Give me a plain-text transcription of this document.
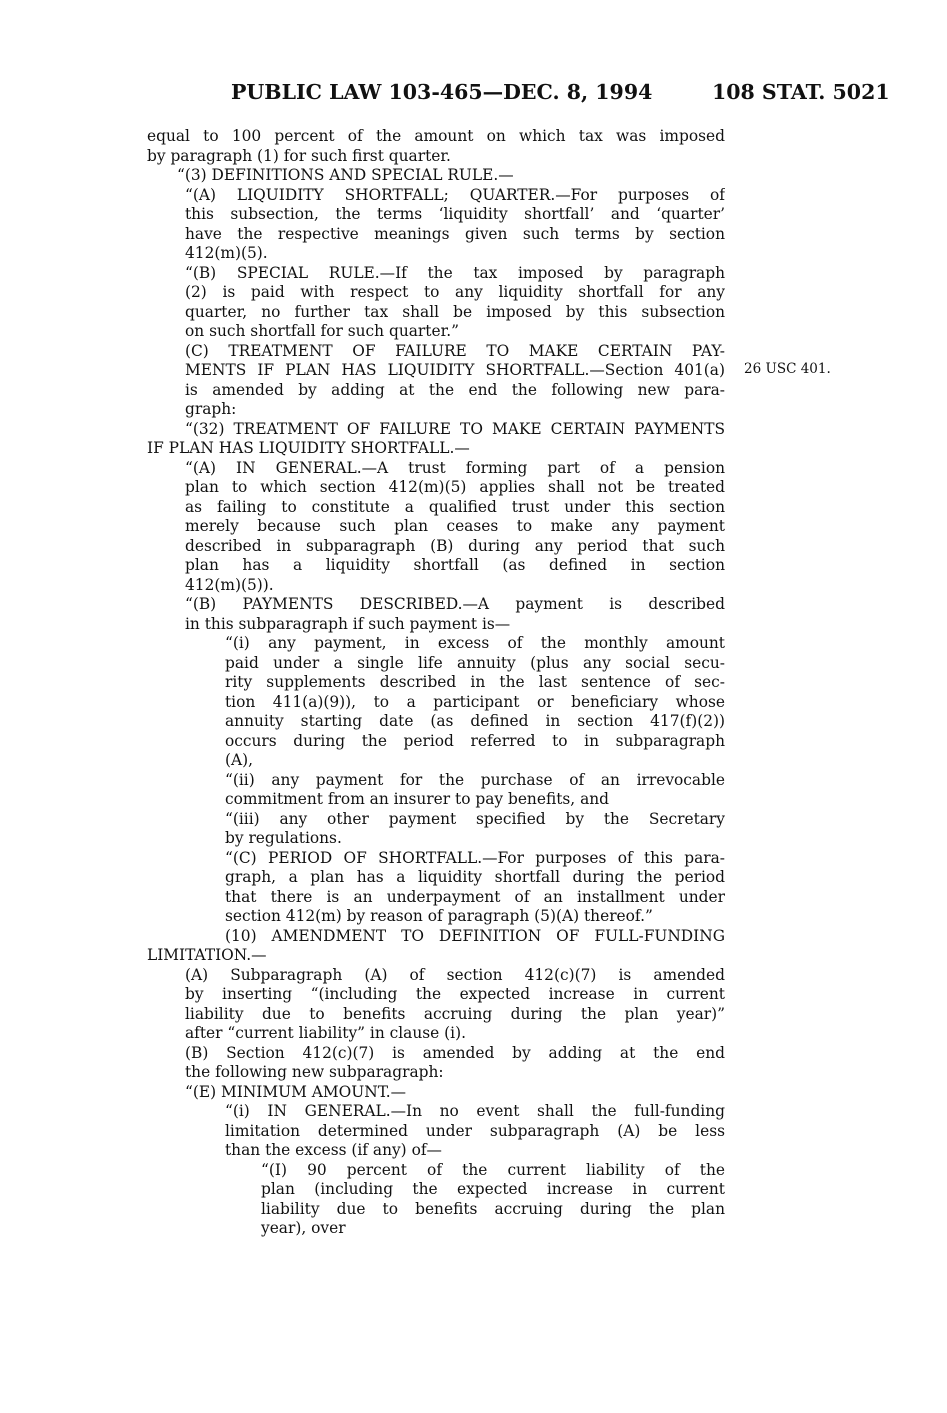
PUBLIC LAW 103-465—DEC. 8, 1994	108 STAT. 5021
26 USC 401.
equal to 100 percent of the amount on which tax was imposed
by paragraph (1) for such first quarter.
“(3) DEFINITIONS AND SPECIAL RULE.—
“(A) LIQUIDITY SHORTFALL; QUARTER.—For purposes of
this subsection, the terms ‘liquidity shortfall’ and ‘quarter’
have the respective meanings given such terms by section
412(m)(5).
“(B) SPECIAL RULE.—If the tax imposed by paragraph
(2) is paid with respect to any liquidity shortfall for any
quarter, no further tax shall be imposed by this subsection
on such shortfall for such quarter.”
(C) TREATMENT OF FAILURE TO MAKE CERTAIN PAY-
MENTS IF PLAN HAS LIQUIDITY SHORTFALL.—Section 401(a)
is amended by adding at the end the following new para-
graph:
“(32) TREATMENT OF FAILURE TO MAKE CERTAIN PAYMENTS
IF PLAN HAS LIQUIDITY SHORTFALL.—
“(A) IN GENERAL.—A trust forming part of a pension
plan to which section 412(m)(5) applies shall not be treated
as failing to constitute a qualified trust under this section
merely because such plan ceases to make any payment
described in subparagraph (B) during any period that such
plan has a liquidity shortfall (as defined in section
412(m)(5)).
“(B) PAYMENTS DESCRIBED.—A payment is described
in this subparagraph if such payment is—
“(i) any payment, in excess of the monthly amount
paid under a single life annuity (plus any social secu-
rity supplements described in the last sentence of sec-
tion 411(a)(9)), to a participant or beneficiary whose
annuity starting date (as defined in section 417(f)(2))
occurs during the period referred to in subparagraph
(A),
“(ii) any payment for the purchase of an irrevocable
commitment from an insurer to pay benefits, and
“(iii) any other payment specified by the Secretary
by regulations.
“(C) PERIOD OF SHORTFALL.—For purposes of this para-
graph, a plan has a liquidity shortfall during the period
that there is an underpayment of an installment under
section 412(m) by reason of paragraph (5)(A) thereof.”
(10) AMENDMENT TO DEFINITION OF FULL-FUNDING
LIMITATION.—
(A) Subparagraph (A) of section 412(c)(7) is amended
by inserting “(including the expected increase in current
liability due to benefits accruing during the plan year)”
after “current liability” in clause (i).
(B) Section 412(c)(7) is amended by adding at the end
the following new subparagraph:
“(E) MINIMUM AMOUNT.—
“(i) IN GENERAL.—In no event shall the full-funding
limitation determined under subparagraph (A) be less
than the excess (if any) of—
“(I) 90 percent of the current liability of the
plan (including the expected increase in current
liability due to benefits accruing during the plan
year), over
